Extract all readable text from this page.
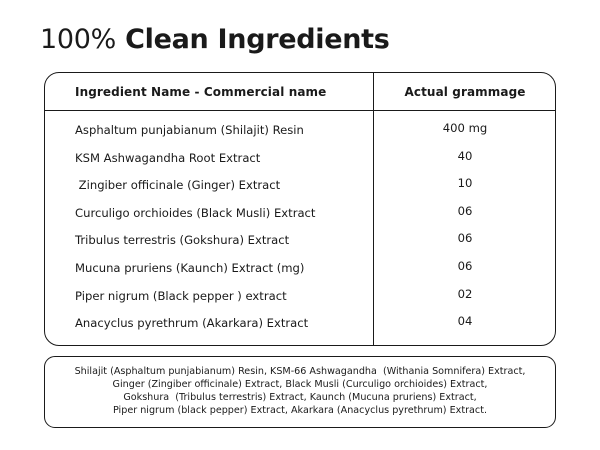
100% Clean Ingredients
Ingredient Name - Commercial name	Actual grammage
Asphaltum punjabianum (Shilajit) Resin	400 mg
KSM Ashwagandha Root Extract	40
Zingiber officinale (Ginger) Extract	10
Curculigo orchioides (Black Musli) Extract	06
Tribulus terrestris (Gokshura) Extract	06
Mucuna pruriens (Kaunch) Extract (mg)	06
Piper nigrum (Black pepper ) extract	02
Anacyclus pyrethrum (Akarkara) Extract	04
Shilajit (Asphaltum punjabianum) Resin, KSM-66 Ashwagandha  (Withania Somnifera) Extract,
Ginger (Zingiber officinale) Extract, Black Musli (Curculigo orchioides) Extract,
Gokshura  (Tribulus terrestris) Extract, Kaunch (Mucuna pruriens) Extract,
Piper nigrum (black pepper) Extract, Akarkara (Anacyclus pyrethrum) Extract.
